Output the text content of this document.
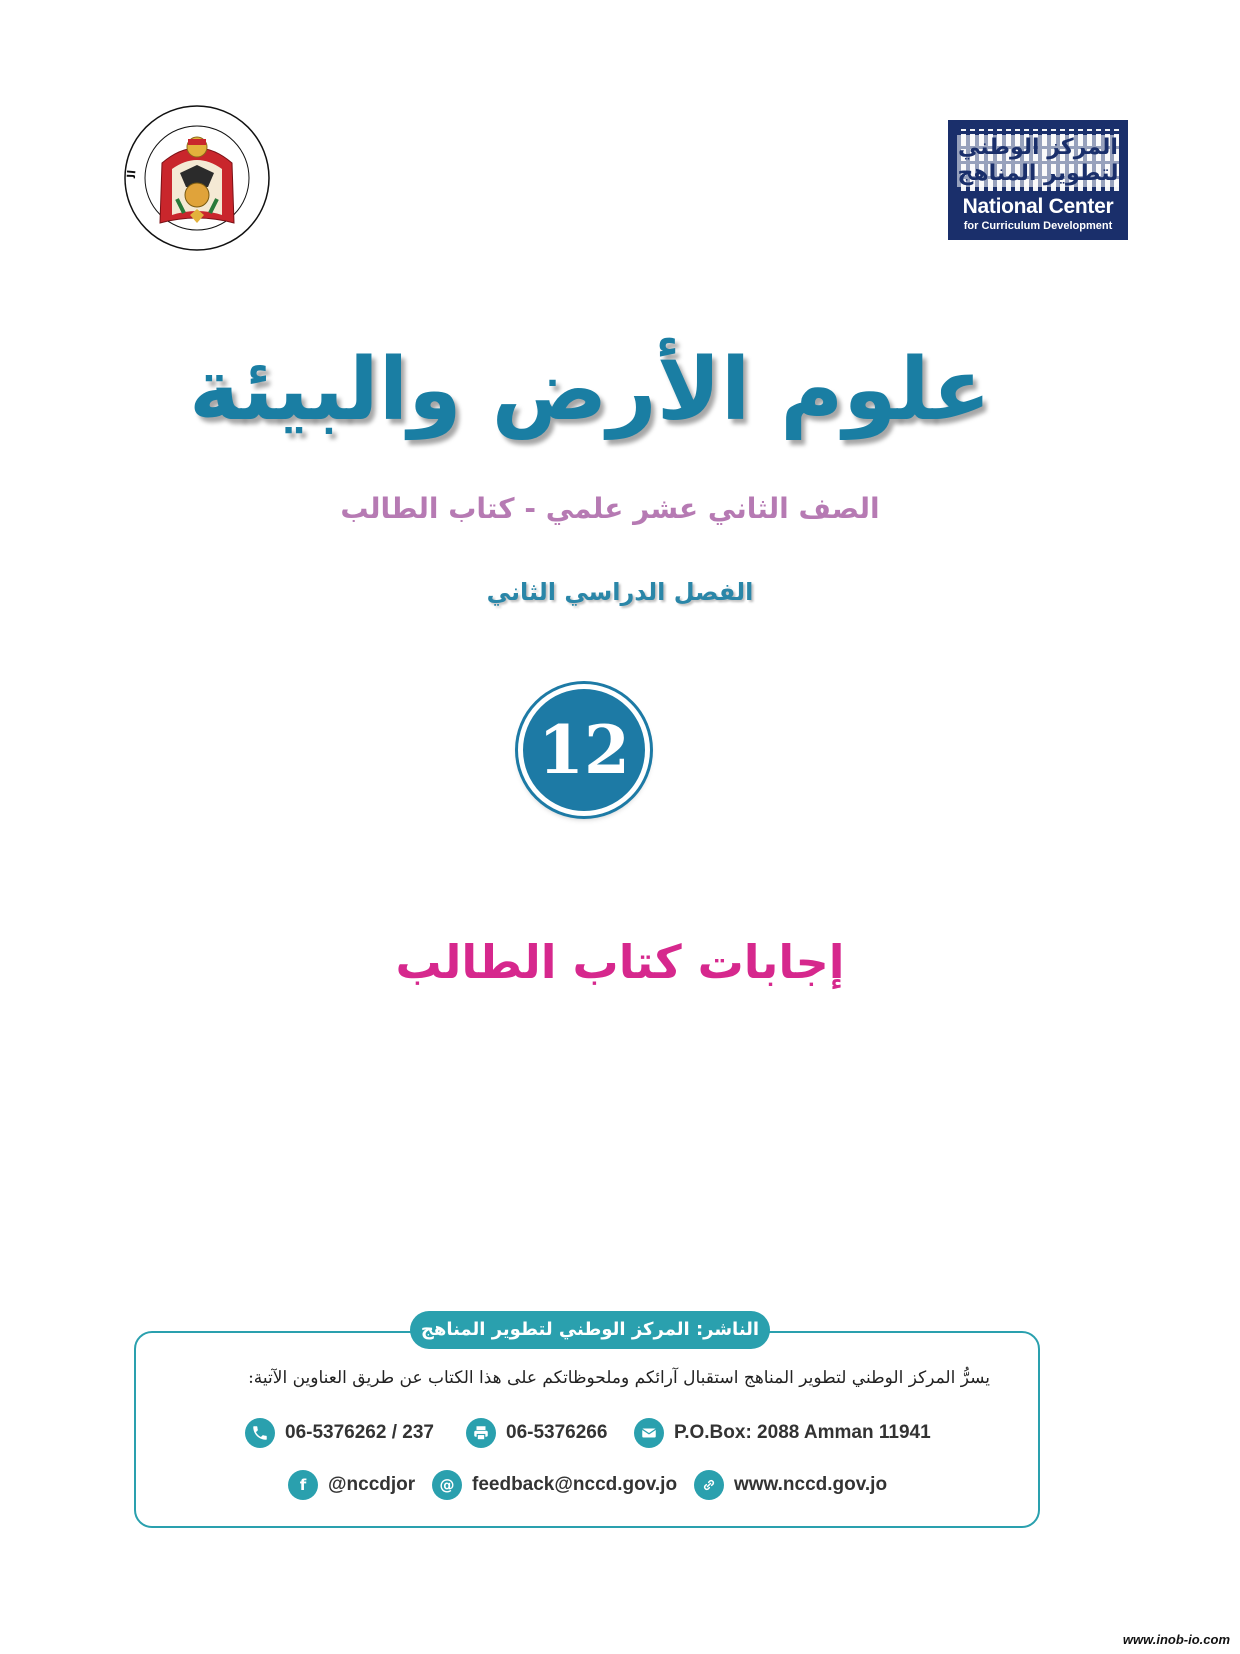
ال
المركز الوطني لتطوير المناهج
National Center
for Curriculum Development
علوم الأرض والبيئة
الصف الثاني عشر علمي - كتاب الطالب
الفصل الدراسي الثاني
12
إجابات كتاب الطالب
الناشر: المركز الوطني لتطوير المناهج
يسرُّ المركز الوطني لتطوير المناهج استقبال آرائكم وملحوظاتكم على هذا الكتاب عن طريق العناوين الآتية:
06-5376262 / 237	06-5376266	P.O.Box: 2088 Amman 11941
f	@nccdjor	@ feedback@nccd.gov.jo	www.nccd.gov.jo
www.inob-io.com
